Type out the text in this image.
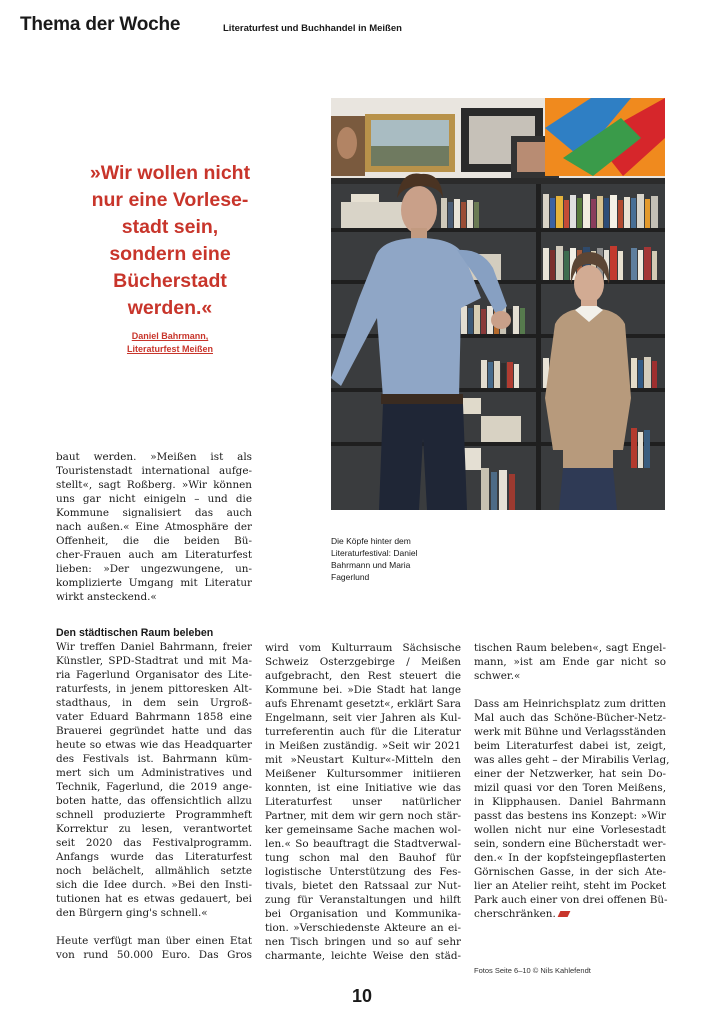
Thema der Woche	Literaturfest und Buchhandel in Meißen
»Wir wollen nicht
nur eine Vorlese-
stadt sein,
sondern eine
Bücherstadt
werden.«
Daniel Bahrmann,
Literaturfest Meißen
Die Köpfe hinter dem
Literaturfestival: Daniel
Bahrmann und Maria
Fagerlund
baut werden. »Meißen ist als
Touristenstadt international aufge-
stellt«, sagt Roßberg. »Wir können
uns gar nicht einigeln – und die
Kommune signalisiert das auch
nach außen.« Eine Atmosphäre der
Offenheit, die die beiden Bü-
cher-Frauen auch am Literaturfest
lieben: »Der ungezwungene, un-
komplizierte Umgang mit Literatur
wirkt ansteckend.«
Den städtischen Raum beleben
Wir treffen Daniel Bahrmann, freier
Künstler, SPD-Stadtrat und mit Ma-
ria Fagerlund Organisator des Lite-
raturfests, in jenem pittoresken Alt-
stadthaus, in dem sein Urgroß-
vater Eduard Bahrmann 1858 eine
Brauerei gegründet hatte und das
heute so etwas wie das Headquarter
des Festivals ist. Bahrmann küm-
mert sich um Administratives und
Technik, Fagerlund, die 2019 ange-
boten hatte, das offensichtlich allzu
schnell produzierte Programmheft
Korrektur zu lesen, verantwortet
seit 2020 das Festivalprogramm.
Anfangs wurde das Literaturfest
noch belächelt, allmählich setzte
sich die Idee durch. »Bei den Insti-
tutionen hat es etwas gedauert, bei
den Bürgern ging's schnell.«
Heute verfügt man über einen Etat
von rund 50.000 Euro. Das Gros
wird vom Kulturraum Sächsische
Schweiz Osterzgebirge / Meißen
aufgebracht, den Rest steuert die
Kommune bei. »Die Stadt hat lange
aufs Ehrenamt gesetzt«, erklärt Sara
Engelmann, seit vier Jahren als Kul-
turreferentin auch für die Literatur
in Meißen zuständig. »Seit wir 2021
mit »Neustart Kultur«-Mitteln den
Meißener Kultursommer initiieren
konnten, ist eine Initiative wie das
Literaturfest unser natürlicher
Partner, mit dem wir gern noch stär-
ker gemeinsame Sache machen wol-
len.« So beauftragt die Stadtverwal-
tung schon mal den Bauhof für
logistische Unterstützung des Fes-
tivals, bietet den Ratssaal zur Nut-
zung für Veranstaltungen und hilft
bei Organisation und Kommunika-
tion. »Verschiedenste Akteure an ei-
nen Tisch bringen und so auf sehr
charmante, leichte Weise den städ-
tischen Raum beleben«, sagt Engel-
mann, »ist am Ende gar nicht so
schwer.«
Dass am Heinrichsplatz zum dritten
Mal auch das Schöne-Bücher-Netz-
werk mit Bühne und Verlagsständen
beim Literaturfest dabei ist, zeigt,
was alles geht – der Mirabilis Verlag,
einer der Netzwerker, hat sein Do-
mizil quasi vor den Toren Meißens,
in Klipphausen. Daniel Bahrmann
passt das bestens ins Konzept: »Wir
wollen nicht nur eine Vorlesestadt
sein, sondern eine Bücherstadt wer-
den.« In der kopfsteingepflasterten
Görnischen Gasse, in der sich Ate-
lier an Atelier reiht, steht im Pocket
Park auch einer von drei offenen Bü-
cherschränken.
Fotos Seite 6–10 © Nils Kahlefendt
10
